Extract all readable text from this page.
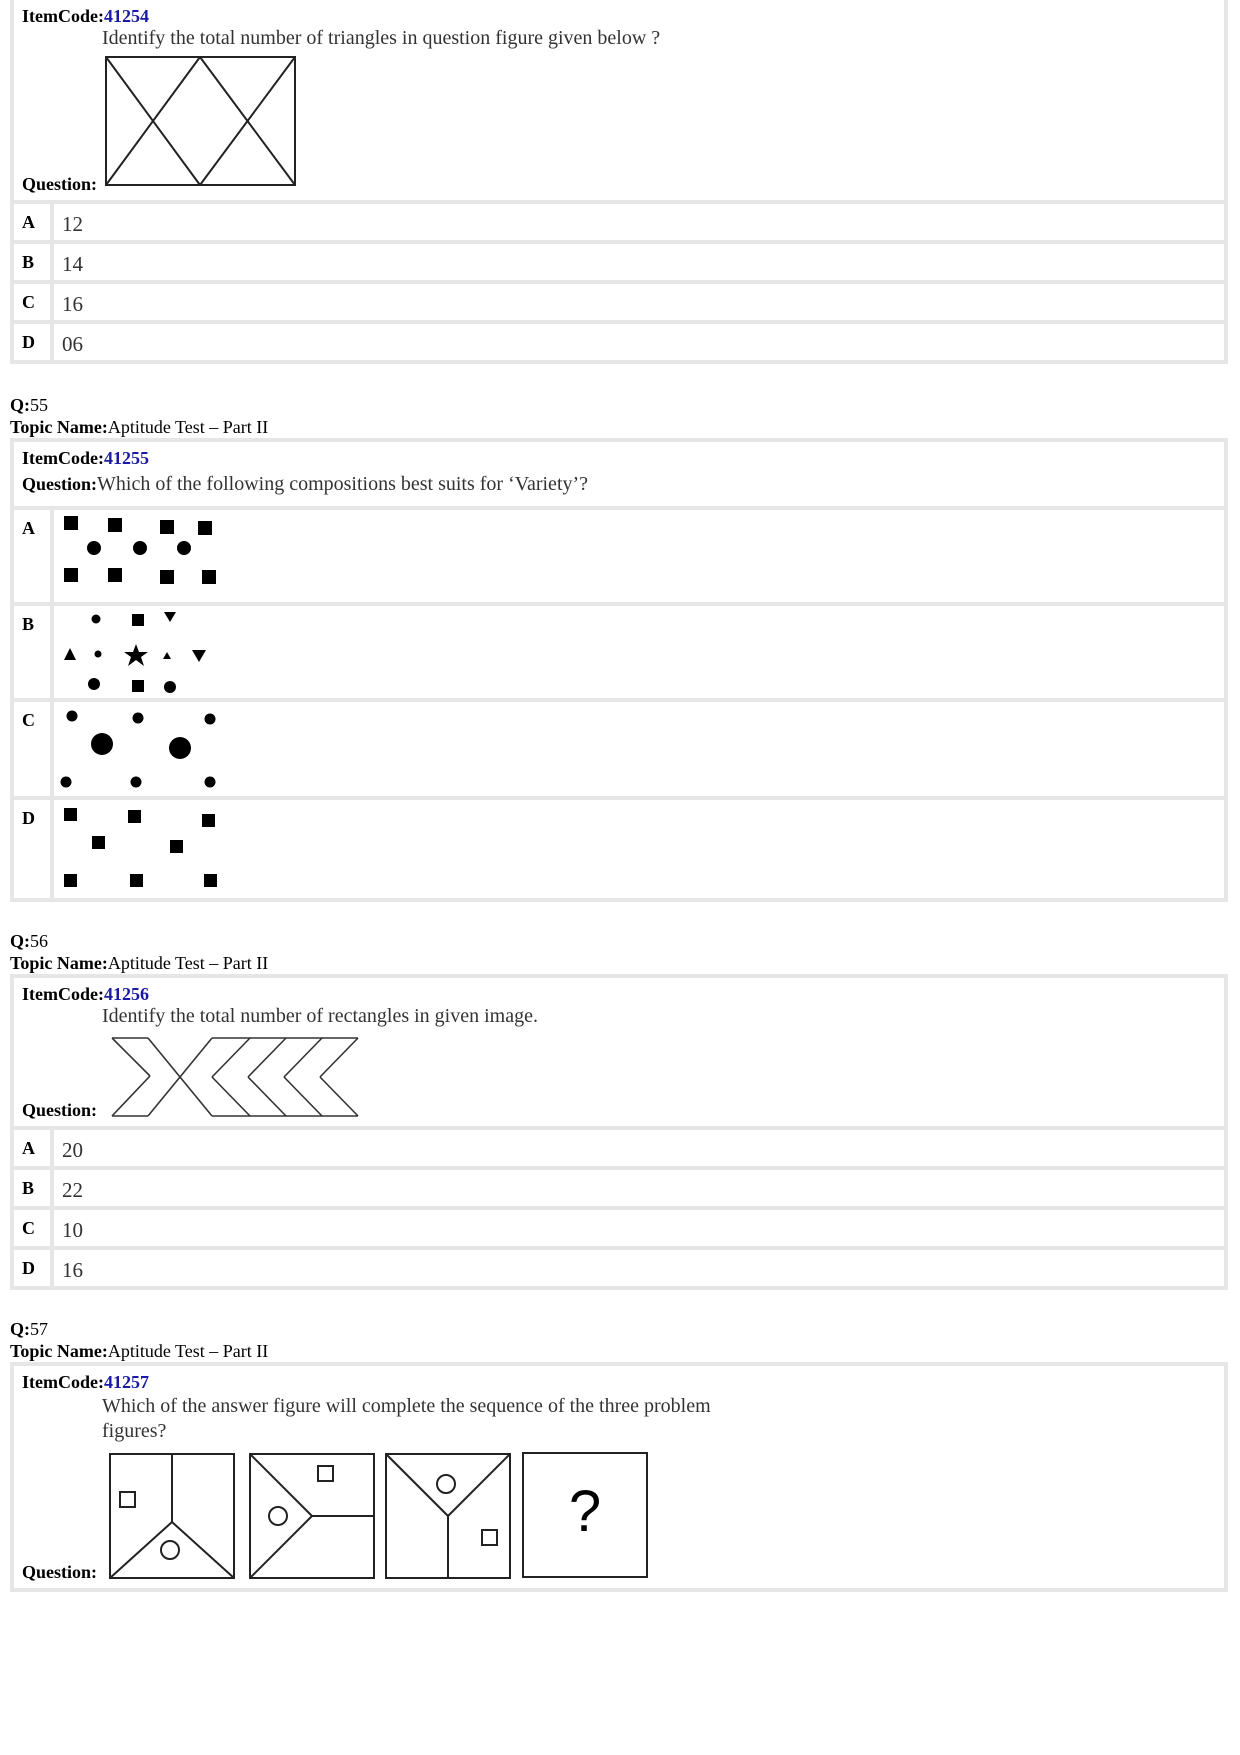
ItemCode:41254
Identify the total number of triangles in question figure given below ?
Question:
A	12
B	14
C	16
D	06
Q:55
Topic Name:Aptitude Test – Part II
ItemCode:41255
Question:Which of the following compositions best suits for ‘Variety’?
A
B
C
D
Q:56
Topic Name:Aptitude Test – Part II
ItemCode:41256
Identify the total number of rectangles in given image.
Question:
A	20
B	22
C	10
D	16
Q:57
Topic Name:Aptitude Test – Part II
ItemCode:41257
Which of the answer figure will complete the sequence of the three problem
figures?
Question:
?
